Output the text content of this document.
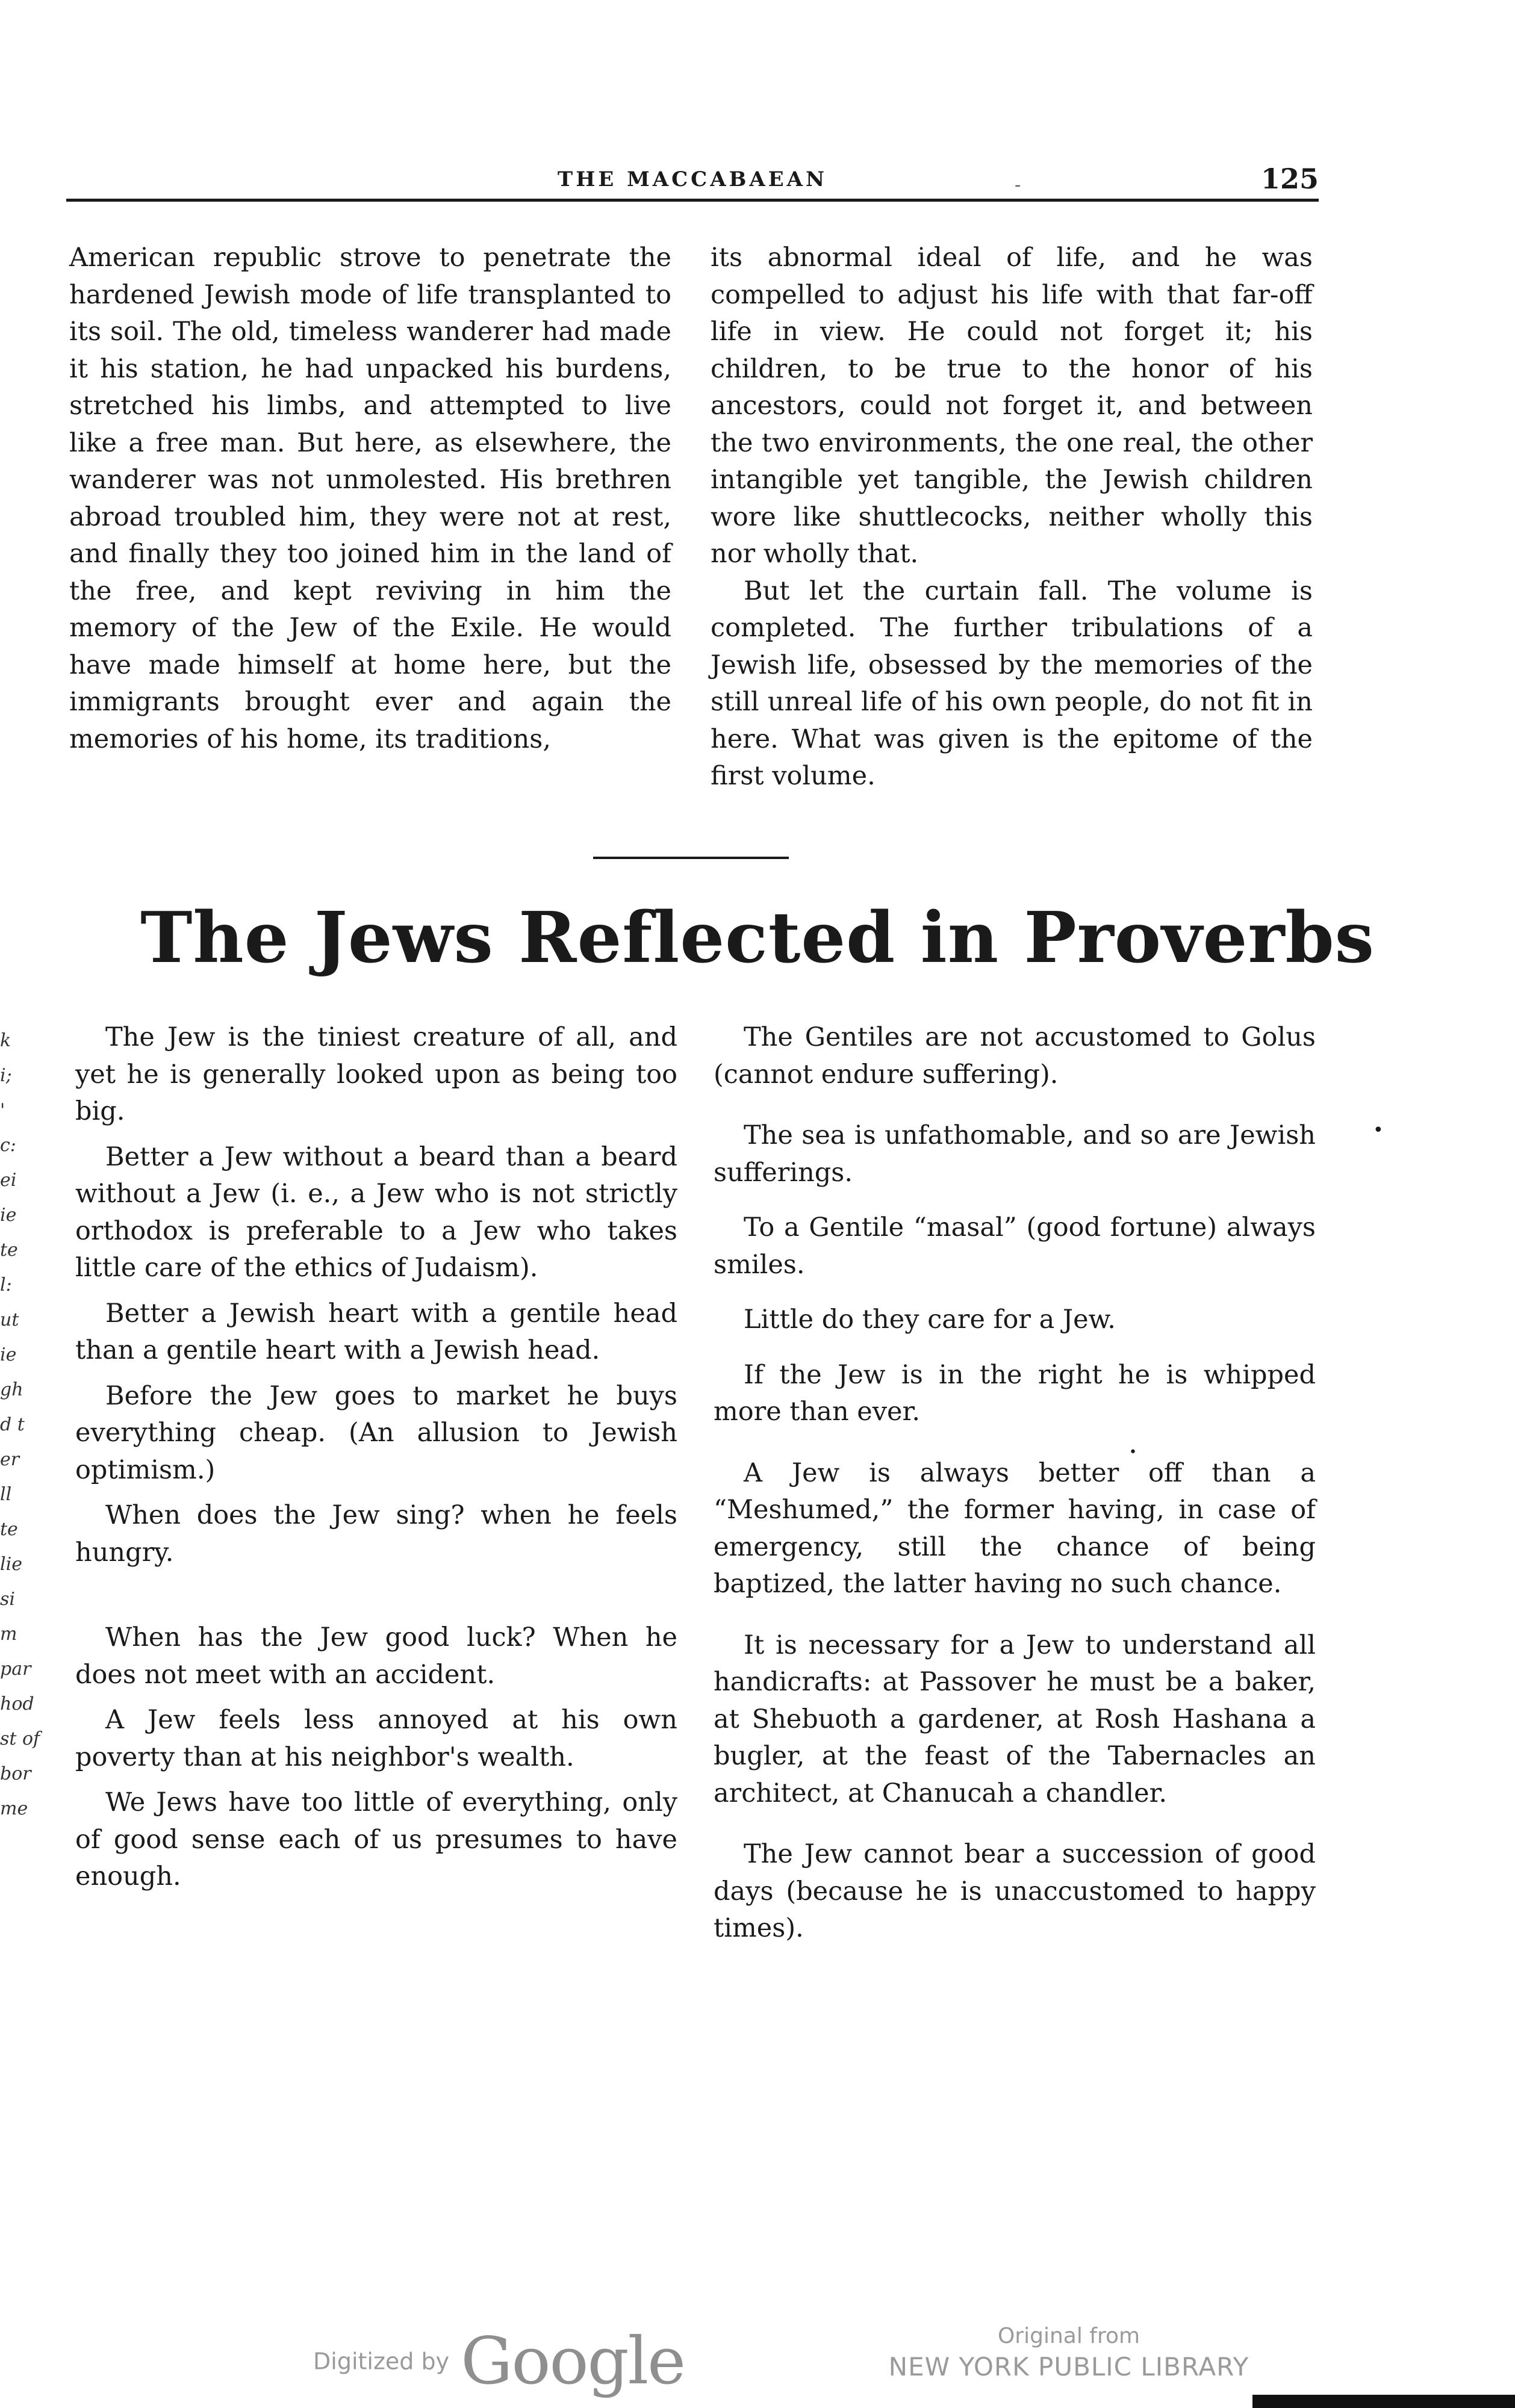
THE MACCABAEAN	-	125

American republic strove to penetrate the hardened Jewish mode of life transplanted to its soil. The old, timeless wanderer had made it his station, he had unpacked his burdens, stretched his limbs, and attempted to live like a free man. But here, as elsewhere, the wanderer was not unmolested. His brethren abroad troubled him, they were not at rest, and finally they too joined him in the land of the free, and kept reviving in him the memory of the Jew of the Exile. He would have made himself at home here, but the immigrants brought ever and again the memories of his home, its traditions,

its abnormal ideal of life, and he was compelled to adjust his life with that far-off life in view. He could not forget it; his children, to be true to the honor of his ancestors, could not forget it, and between the two environments, the one real, the other intangible yet tangible, the Jewish children wore like shuttlecocks, neither wholly this nor wholly that.

But let the curtain fall. The volume is completed. The further tribulations of a Jewish life, obsessed by the memories of the still unreal life of his own people, do not fit in here. What was given is the epitome of the first volume.

The Jews Reflected in Proverbs

The Jew is the tiniest creature of all, and yet he is generally looked upon as being too big.

Better a Jew without a beard than a beard without a Jew (i. e., a Jew who is not strictly orthodox is preferable to a Jew who takes little care of the ethics of Judaism).

Better a Jewish heart with a gentile head than a gentile heart with a Jewish head.

Before the Jew goes to market he buys everything cheap. (An allusion to Jewish optimism.)

When does the Jew sing? when he feels hungry.

When has the Jew good luck? When he does not meet with an accident.

A Jew feels less annoyed at his own poverty than at his neighbor's wealth.

We Jews have too little of everything, only of good sense each of us presumes to have enough.

The Gentiles are not accustomed to Golus (cannot endure suffering).

The sea is unfathomable, and so are Jewish sufferings.

To a Gentile “masal” (good fortune) always smiles.

Little do they care for a Jew.

If the Jew is in the right he is whipped more than ever.

A Jew is always better off than a “Meshumed,” the former having, in case of emergency, still the chance of being baptized, the latter having no such chance.

It is necessary for a Jew to understand all handicrafts: at Passover he must be a baker, at Shebuoth a gardener, at Rosh Hashana a bugler, at the feast of the Tabernacles an architect, at Chanucah a chandler.

The Jew cannot bear a succession of good days (because he is unaccustomed to happy times).

k
i;
'
c:
ei
ie
te
l:
ut
ie
gh
d t
er
ll
te
lie
si
m
par
hod
st of
bor
me
•
•
Digitized by Google	Original from
NEW YORK PUBLIC LIBRARY
